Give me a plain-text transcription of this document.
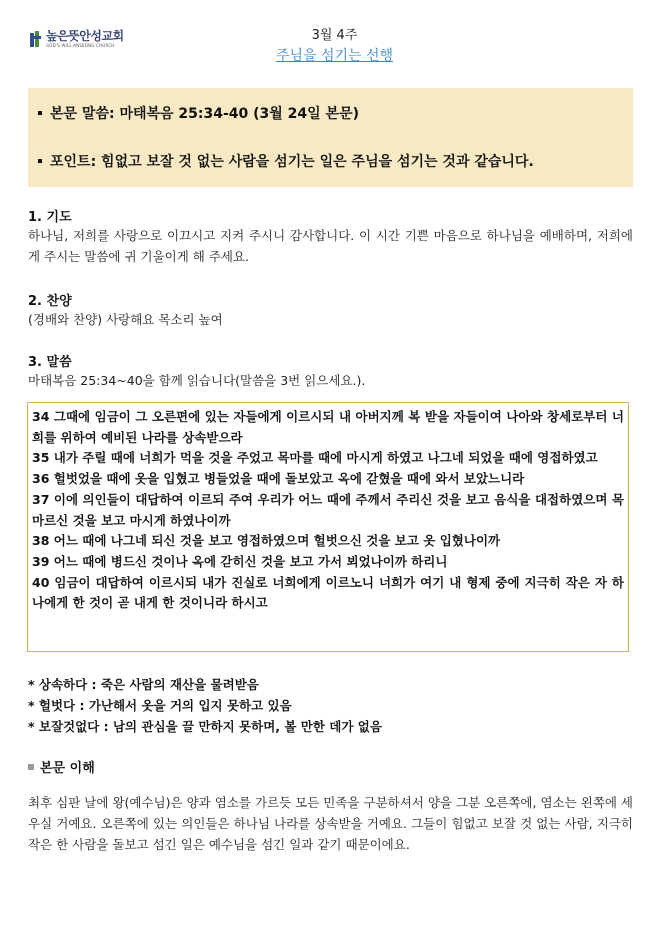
높은뜻안성교회
GOD'S WILL ANSEONG CHURCH
3월 4주
주님을 섬기는 선행
본문 말씀: 마태복음 25:34-40 (3월 24일 본문)
포인트: 힘없고 보잘 것 없는 사람을 섬기는 일은 주님을 섬기는 것과 같습니다.
1. 기도
하나님, 저희를 사랑으로 이끄시고 지켜 주시니 감사합니다. 이 시간 기쁜 마음으로 하나님을 예배하며, 저희에게 주시는 말씀에 귀 기울이게 해 주세요.
2. 찬양
(경배와 찬양) 사랑해요 목소리 높여
3. 말씀
마태복음 25:34~40을 함께 읽습니다(말씀을 3번 읽으세요.).
34 그때에 임금이 그 오른편에 있는 자들에게 이르시되 내 아버지께 복 받을 자들이여 나아와 창세로부터 너희를 위하여 예비된 나라를 상속받으라
35 내가 주릴 때에 너희가 먹을 것을 주었고 목마를 때에 마시게 하였고 나그네 되었을 때에 영접하였고
36 헐벗었을 때에 옷을 입혔고 병들었을 때에 돌보았고 옥에 갇혔을 때에 와서 보았느니라
37 이에 의인들이 대답하여 이르되 주여 우리가 어느 때에 주께서 주리신 것을 보고 음식을 대접하였으며 목마르신 것을 보고 마시게 하였나이까
38 어느 때에 나그네 되신 것을 보고 영접하였으며 헐벗으신 것을 보고 옷 입혔나이까
39 어느 때에 병드신 것이나 옥에 갇히신 것을 보고 가서 뵈었나이까 하리니
40 임금이 대답하여 이르시되 내가 진실로 너희에게 이르노니 너희가 여기 내 형제 중에 지극히 작은 자 하나에게 한 것이 곧 내게 한 것이니라 하시고
* 상속하다 : 죽은 사람의 재산을 물려받음
* 헐벗다 : 가난해서 옷을 거의 입지 못하고 있음
* 보잘것없다 : 남의 관심을 끌 만하지 못하며, 볼 만한 데가 없음
본문 이해
최후 심판 날에 왕(예수님)은 양과 염소를 가르듯 모든 민족을 구분하셔서 양을 그분 오른쪽에, 염소는 왼쪽에 세우실 거예요. 오른쪽에 있는 의인들은 하나님 나라를 상속받을 거예요. 그들이 힘없고 보잘 것 없는 사람, 지극히 작은 한 사람을 돌보고 섬긴 일은 예수님을 섬긴 일과 같기 때문이에요.
